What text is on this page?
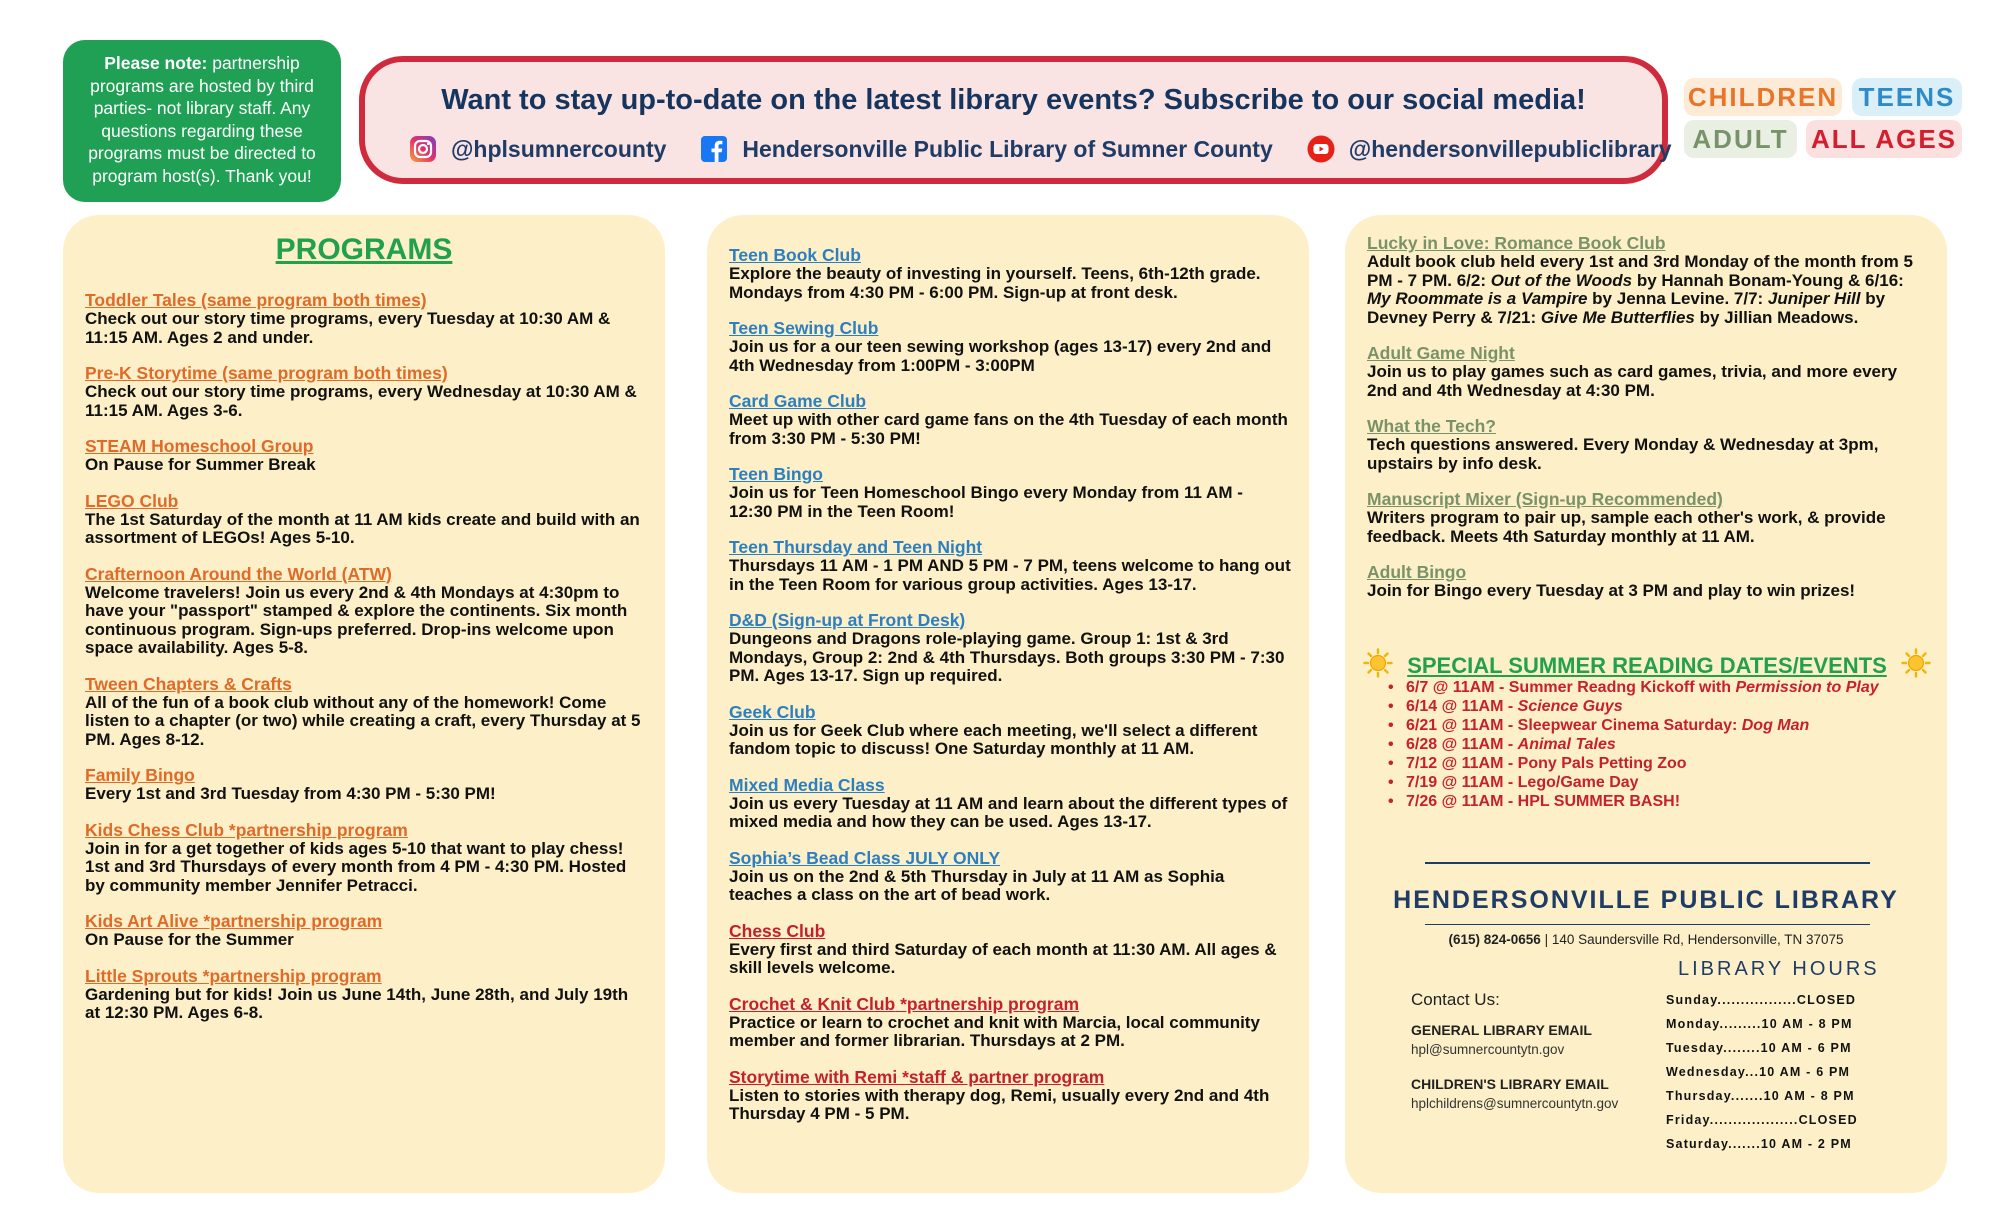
Please note: partnership programs are hosted by third parties- not library staff. Any questions regarding these programs must be directed to program host(s). Thank you!
Want to stay up-to-date on the latest library events? Subscribe to our social media!
@hplsumnercounty	Hendersonville Public Library of Sumner County	@hendersonvillepubliclibrary
CHILDREN TEENS
ADULT ALL AGES
PROGRAMS
Toddler Tales (same program both times)
Check out our story time programs, every Tuesday at 10:30 AM & 11:15 AM. Ages 2 and under.
Pre-K Storytime (same program both times)
Check out our story time programs, every Wednesday at 10:30 AM & 11:15 AM. Ages 3-6.
STEAM Homeschool Group
On Pause for Summer Break
LEGO Club
The 1st Saturday of the month at 11 AM kids create and build with an assortment of LEGOs! Ages 5-10.
Crafternoon Around the World (ATW)
Welcome travelers! Join us every 2nd & 4th Mondays at 4:30pm to have your "passport" stamped & explore the continents. Six month continuous program. Sign-ups preferred. Drop-ins welcome upon space availability. Ages 5-8.
Tween Chapters & Crafts
All of the fun of a book club without any of the homework! Come listen to a chapter (or two) while creating a craft, every Thursday at 5 PM. Ages 8-12.
Family Bingo
Every 1st and 3rd Tuesday from 4:30 PM - 5:30 PM!
Kids Chess Club *partnership program
Join in for a get together of kids ages 5-10 that want to play chess! 1st and 3rd Thursdays of every month from 4 PM - 4:30 PM. Hosted by community member Jennifer Petracci.
Kids Art Alive *partnership program
On Pause for the Summer
Little Sprouts *partnership program
Gardening but for kids! Join us June 14th, June 28th, and July 19th at 12:30 PM. Ages 6-8.
Teen Book Club
Explore the beauty of investing in yourself. Teens, 6th-12th grade. Mondays from 4:30 PM - 6:00 PM. Sign-up at front desk.
Teen Sewing Club
Join us for a our teen sewing workshop (ages 13-17) every 2nd and 4th Wednesday from 1:00PM - 3:00PM
Card Game Club
Meet up with other card game fans on the 4th Tuesday of each month from 3:30 PM - 5:30 PM!
Teen Bingo
Join us for Teen Homeschool Bingo every Monday from 11 AM - 12:30 PM in the Teen Room!
Teen Thursday and Teen Night
Thursdays 11 AM - 1 PM AND 5 PM - 7 PM, teens welcome to hang out in the Teen Room for various group activities. Ages 13-17.
D&D (Sign-up at Front Desk)
Dungeons and Dragons role-playing game. Group 1: 1st & 3rd Mondays, Group 2: 2nd & 4th Thursdays. Both groups 3:30 PM - 7:30 PM. Ages 13-17. Sign up required.
Geek Club
Join us for Geek Club where each meeting, we'll select a different fandom topic to discuss! One Saturday monthly at 11 AM.
Mixed Media Class
Join us every Tuesday at 11 AM and learn about the different types of mixed media and how they can be used. Ages 13-17.
Sophia’s Bead Class JULY ONLY
Join us on the 2nd & 5th Thursday in July at 11 AM as Sophia teaches a class on the art of bead work.
Chess Club
Every first and third Saturday of each month at 11:30 AM. All ages & skill levels welcome.
Crochet & Knit Club *partnership program
Practice or learn to crochet and knit with Marcia, local community member and former librarian. Thursdays at 2 PM.
Storytime with Remi *staff & partner program
Listen to stories with therapy dog, Remi, usually every 2nd and 4th Thursday 4 PM - 5 PM.
Lucky in Love: Romance Book Club
Adult book club held every 1st and 3rd Monday of the month from 5 PM - 7 PM. 6/2: Out of the Woods by Hannah Bonam-Young & 6/16: My Roommate is a Vampire by Jenna Levine. 7/7: Juniper Hill by Devney Perry & 7/21: Give Me Butterflies by Jillian Meadows.
Adult Game Night
Join us to play games such as card games, trivia, and more every 2nd and 4th Wednesday at 4:30 PM.
What the Tech?
Tech questions answered. Every Monday & Wednesday at 3pm, upstairs by info desk.
Manuscript Mixer (Sign-up Recommended)
Writers program to pair up, sample each other's work, & provide feedback. Meets 4th Saturday monthly at 11 AM.
Adult Bingo
Join for Bingo every Tuesday at 3 PM and play to win prizes!
SPECIAL SUMMER READING DATES/EVENTS
• 6/7 @ 11AM - Summer Readng Kickoff with Permission to Play
• 6/14 @ 11AM - Science Guys
• 6/21 @ 11AM - Sleepwear Cinema Saturday: Dog Man
• 6/28 @ 11AM - Animal Tales
• 7/12 @ 11AM - Pony Pals Petting Zoo
• 7/19 @ 11AM - Lego/Game Day
• 7/26 @ 11AM - HPL SUMMER BASH!
HENDERSONVILLE PUBLIC LIBRARY
(615) 824-0656 | 140 Saundersville Rd, Hendersonville, TN 37075
Contact Us:
GENERAL LIBRARY EMAIL
hpl@sumnercountytn.gov
CHILDREN'S LIBRARY EMAIL
hplchildrens@sumnercountytn.gov
LIBRARY HOURS
Sunday.................CLOSED
Monday.........10 AM - 8 PM
Tuesday........10 AM - 6 PM
Wednesday...10 AM - 6 PM
Thursday.......10 AM - 8 PM
Friday...................CLOSED
Saturday.......10 AM - 2 PM
